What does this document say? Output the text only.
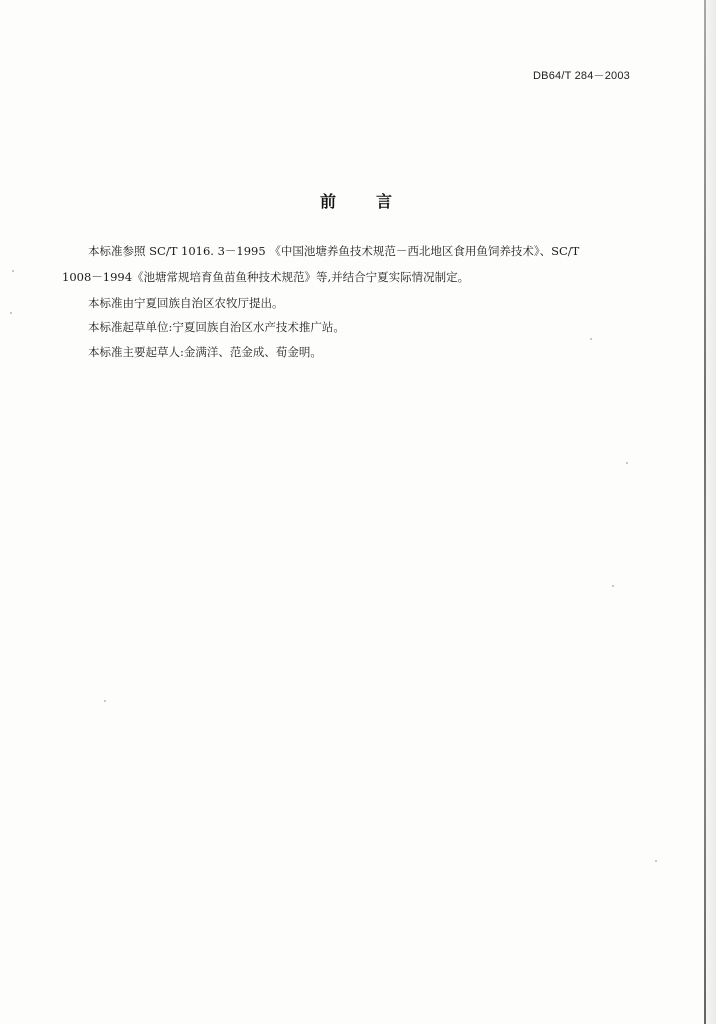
DB64/T 284－2003
前言
本标准参照 SC/T 1016. 3－1995 《中国池塘养鱼技术规范－西北地区食用鱼饲养技术》、SC/T
1008－1994《池塘常规培育鱼苗鱼种技术规范》等,并结合宁夏实际情况制定。
本标准由宁夏回族自治区农牧厅提出。
本标准起草单位:宁夏回族自治区水产技术推广站。
本标准主要起草人:金满洋、范金成、荀金明。
